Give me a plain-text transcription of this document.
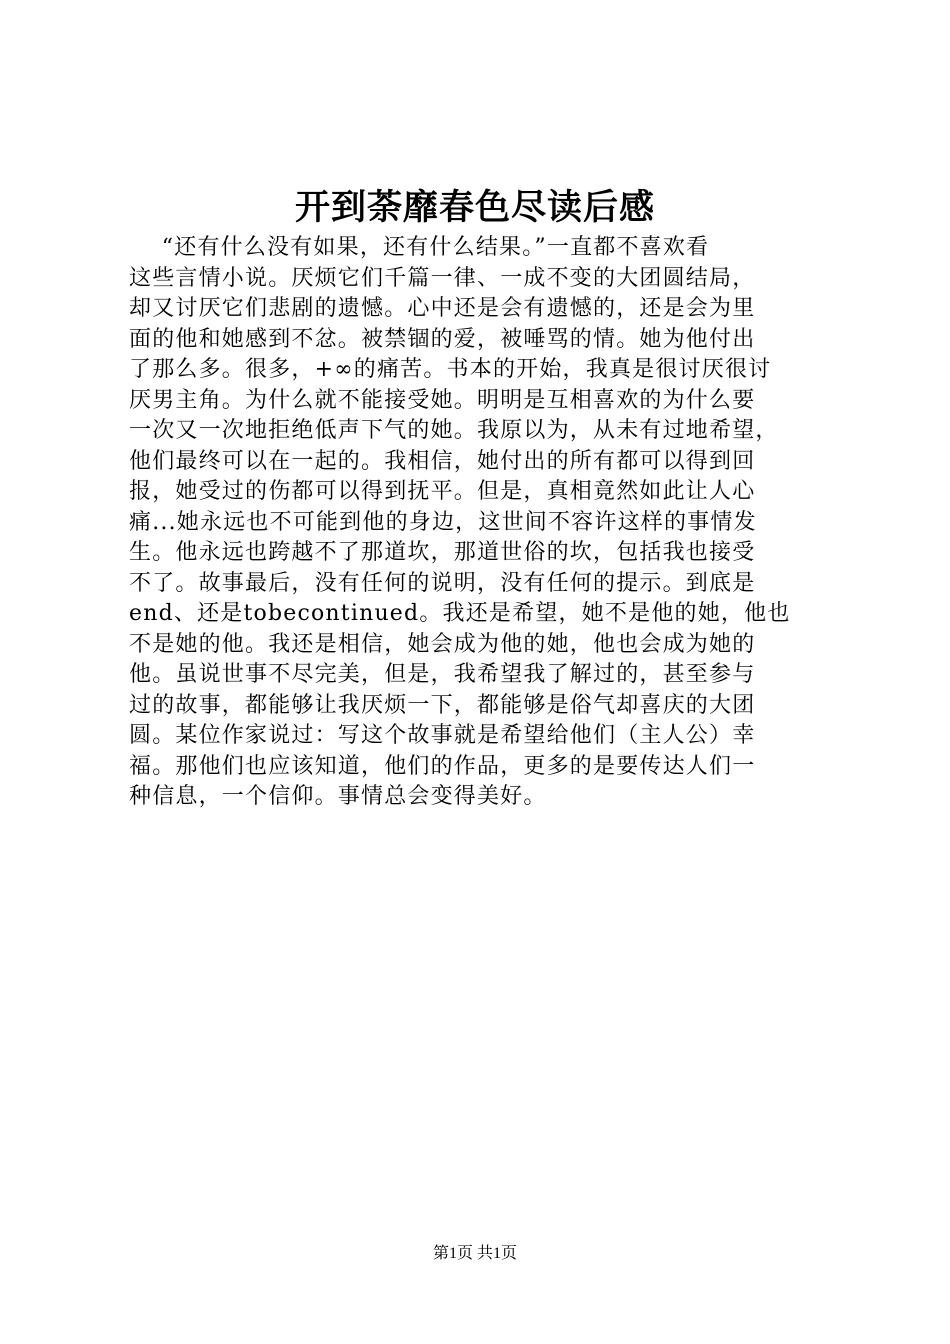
开到荼靡春色尽读后感
“还有什么没有如果，还有什么结果。”一直都不喜欢看
这些言情小说。厌烦它们千篇一律、一成不变的大团圆结局，
却又讨厌它们悲剧的遗憾。心中还是会有遗憾的，还是会为里
面的他和她感到不忿。被禁锢的爱，被唾骂的情。她为他付出
了那么多。很多，+∞的痛苦。书本的开始，我真是很讨厌很讨
厌男主角。为什么就不能接受她。明明是互相喜欢的为什么要
一次又一次地拒绝低声下气的她。我原以为，从未有过地希望，
他们最终可以在一起的。我相信，她付出的所有都可以得到回
报，她受过的伤都可以得到抚平。但是，真相竟然如此让人心
痛...她永远也不可能到他的身边，这世间不容许这样的事情发
生。他永远也跨越不了那道坎，那道世俗的坎，包括我也接受
不了。故事最后，没有任何的说明，没有任何的提示。到底是
end、还是tobecontinued。我还是希望，她不是他的她，他也
不是她的他。我还是相信，她会成为他的她，他也会成为她的
他。虽说世事不尽完美，但是，我希望我了解过的，甚至参与
过的故事，都能够让我厌烦一下，都能够是俗气却喜庆的大团
圆。某位作家说过：写这个故事就是希望给他们（主人公）幸
福。那他们也应该知道，他们的作品，更多的是要传达人们一
种信息，一个信仰。事情总会变得美好。
第1页 共1页
